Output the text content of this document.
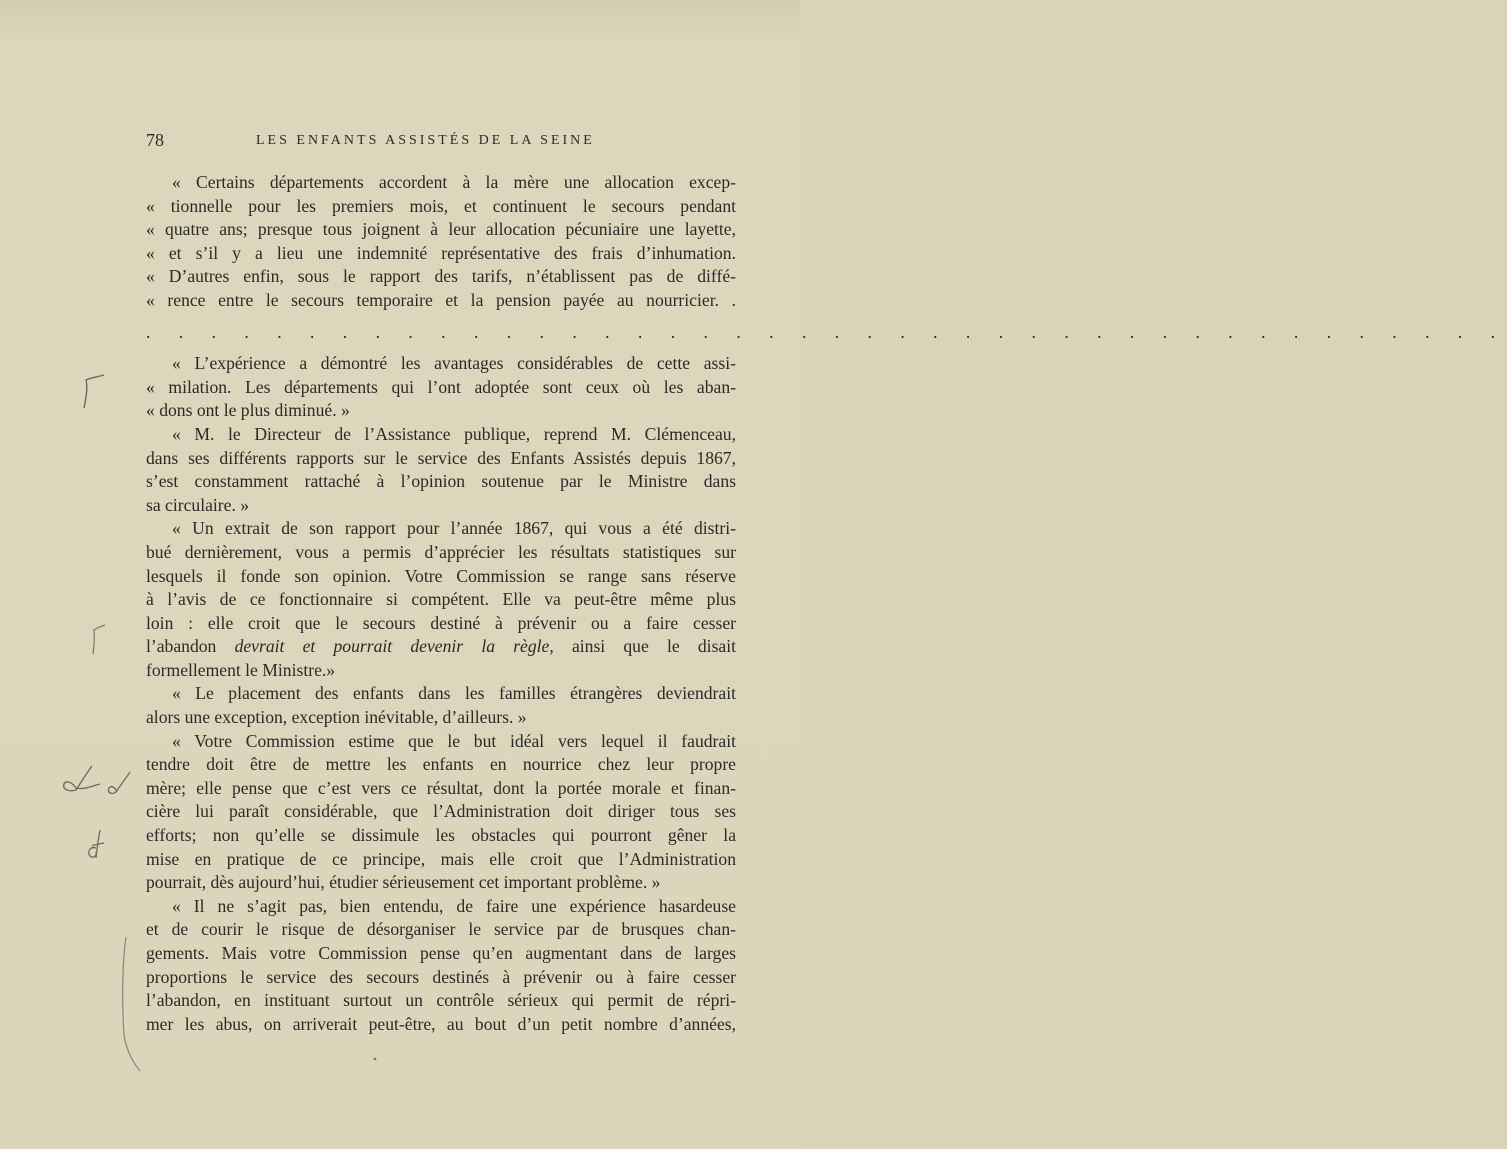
78	LES ENFANTS ASSISTÉS DE LA SEINE
« Certains départements accordent à la mère une allocation excep-
« tionnelle pour les premiers mois, et continuent le secours pendant
« quatre ans; presque tous joignent à leur allocation pécuniaire une layette,
« et s’il y a lieu une indemnité représentative des frais d’inhumation.
« D’autres enfin, sous le rapport des tarifs, n’établissent pas de diffé-
« rence entre le secours temporaire et la pension payée au nourricier. .
. . . . . . . . . . . . . . . . . . . . . . . . . . . . . . . . . . . . . . . . . .
« L’expérience a démontré les avantages considérables de cette assi-
« milation. Les départements qui l’ont adoptée sont ceux où les aban-
« dons ont le plus diminué. »
« M. le Directeur de l’Assistance publique, reprend M. Clémenceau,
dans ses différents rapports sur le service des Enfants Assistés depuis 1867,
s’est constamment rattaché à l’opinion soutenue par le Ministre dans
sa circulaire. »
« Un extrait de son rapport pour l’année 1867, qui vous a été distri-
bué dernièrement, vous a permis d’apprécier les résultats statistiques sur
lesquels il fonde son opinion. Votre Commission se range sans réserve
à l’avis de ce fonctionnaire si compétent. Elle va peut-être même plus
loin : elle croit que le secours destiné à prévenir ou a faire cesser
l’abandon devrait et pourrait devenir la règle, ainsi que le disait
formellement le Ministre.»
« Le placement des enfants dans les familles étrangères deviendrait
alors une exception, exception inévitable, d’ailleurs. »
« Votre Commission estime que le but idéal vers lequel il faudrait
tendre doit être de mettre les enfants en nourrice chez leur propre
mère; elle pense que c’est vers ce résultat, dont la portée morale et finan-
cière lui paraît considérable, que l’Administration doit diriger tous ses
efforts; non qu’elle se dissimule les obstacles qui pourront gêner la
mise en pratique de ce principe, mais elle croit que l’Administration
pourrait, dès aujourd’hui, étudier sérieusement cet important problème. »
« Il ne s’agit pas, bien entendu, de faire une expérience hasardeuse
et de courir le risque de désorganiser le service par de brusques chan-
gements. Mais votre Commission pense qu’en augmentant dans de larges
proportions le service des secours destinés à prévenir ou à faire cesser
l’abandon, en instituant surtout un contrôle sérieux qui permit de répri-
mer les abus, on arriverait peut-être, au bout d’un petit nombre d’années,
